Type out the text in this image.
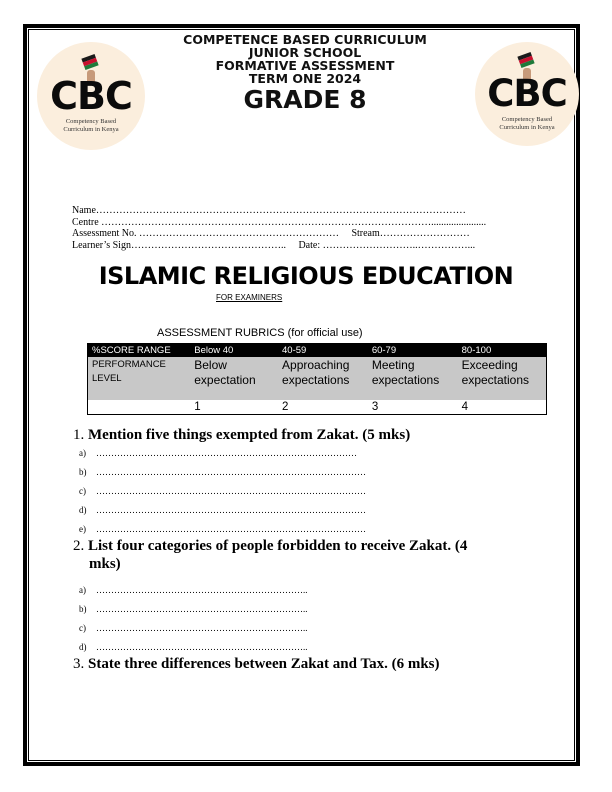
CBC
Competency Based
Curriculum in Kenya
CBC
Competency Based
Curriculum in Kenya
COMPETENCE BASED CURRICULUM
JUNIOR SCHOOL
FORMATIVE ASSESSMENT
TERM ONE 2024
GRADE 8
Name…………………………………………………………………………………………………
Centre ………………………………………………………………………………………......................
Assessment No. ……………………………………………………     Stream………………………
Learner’s Sign………………………………………..     Date: ………………………..……………...
ISLAMIC RELIGIOUS EDUCATION
FOR EXAMINERS
ASSESSMENT RUBRICS (for official use)
%SCORE RANGE	Below 40	40-59	60-79	80-100
PERFORMANCE LEVEL	Below expectation	Approaching expectations	Meeting expectations	Exceeding expectations
	1	2	3	4
1. Mention five things exempted from Zakat. (5 mks)
a) ……………………………………………………………………………
b) ………………………………………………………………………………
c) ………………………………………………………………………………
d) ………………………………………………………………………………
e) ………………………………………………………………………………
2. List four categories of people forbidden to receive Zakat. (4
mks)
a) ……………………………………………………………..
b) ……………………………………………………………..
c) ……………………………………………………………..
d) ……………………………………………………………..
3. State three differences between Zakat and Tax. (6 mks)
